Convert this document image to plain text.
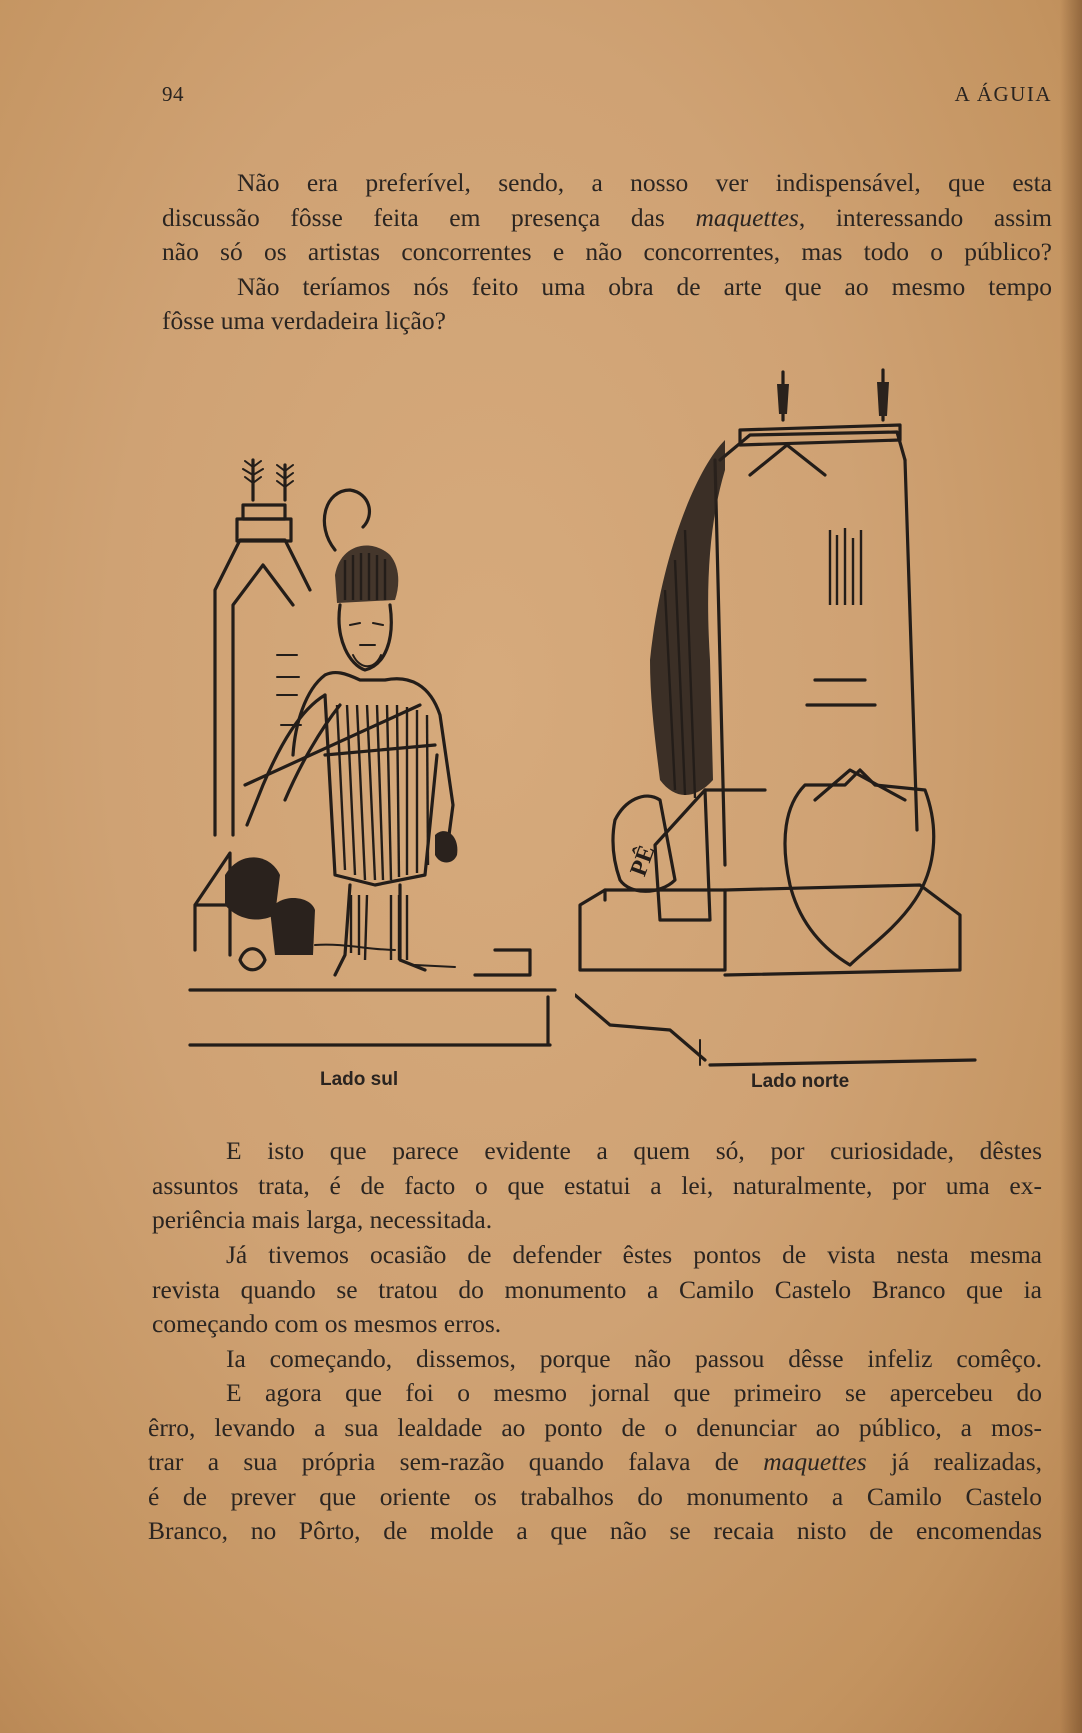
94	A ÁGUIA
Não era preferível, sendo, a nosso ver indispensável, que esta
discussão fôsse feita em presença das maquettes, interessando assim
não só os artistas concorrentes e não concorrentes, mas todo o público?
Não teríamos nós feito uma obra de arte que ao mesmo tempo
fôsse uma verdadeira lição?
PÊ
Lado sul	Lado norte
E isto que parece evidente a quem só, por curiosidade, dêstes
assuntos trata, é de facto o que estatui a lei, naturalmente, por uma ex-
periência mais larga, necessitada.
Já tivemos ocasião de defender êstes pontos de vista nesta mesma
revista quando se tratou do monumento a Camilo Castelo Branco que ia
começando com os mesmos erros.
Ia começando, dissemos, porque não passou dêsse infeliz comêço.
E agora que foi o mesmo jornal que primeiro se apercebeu do
êrro, levando a sua lealdade ao ponto de o denunciar ao público, a mos-
trar a sua própria sem-razão quando falava de maquettes já realizadas,
é de prever que oriente os trabalhos do monumento a Camilo Castelo
Branco, no Pôrto, de molde a que não se recaia nisto de encomendas
